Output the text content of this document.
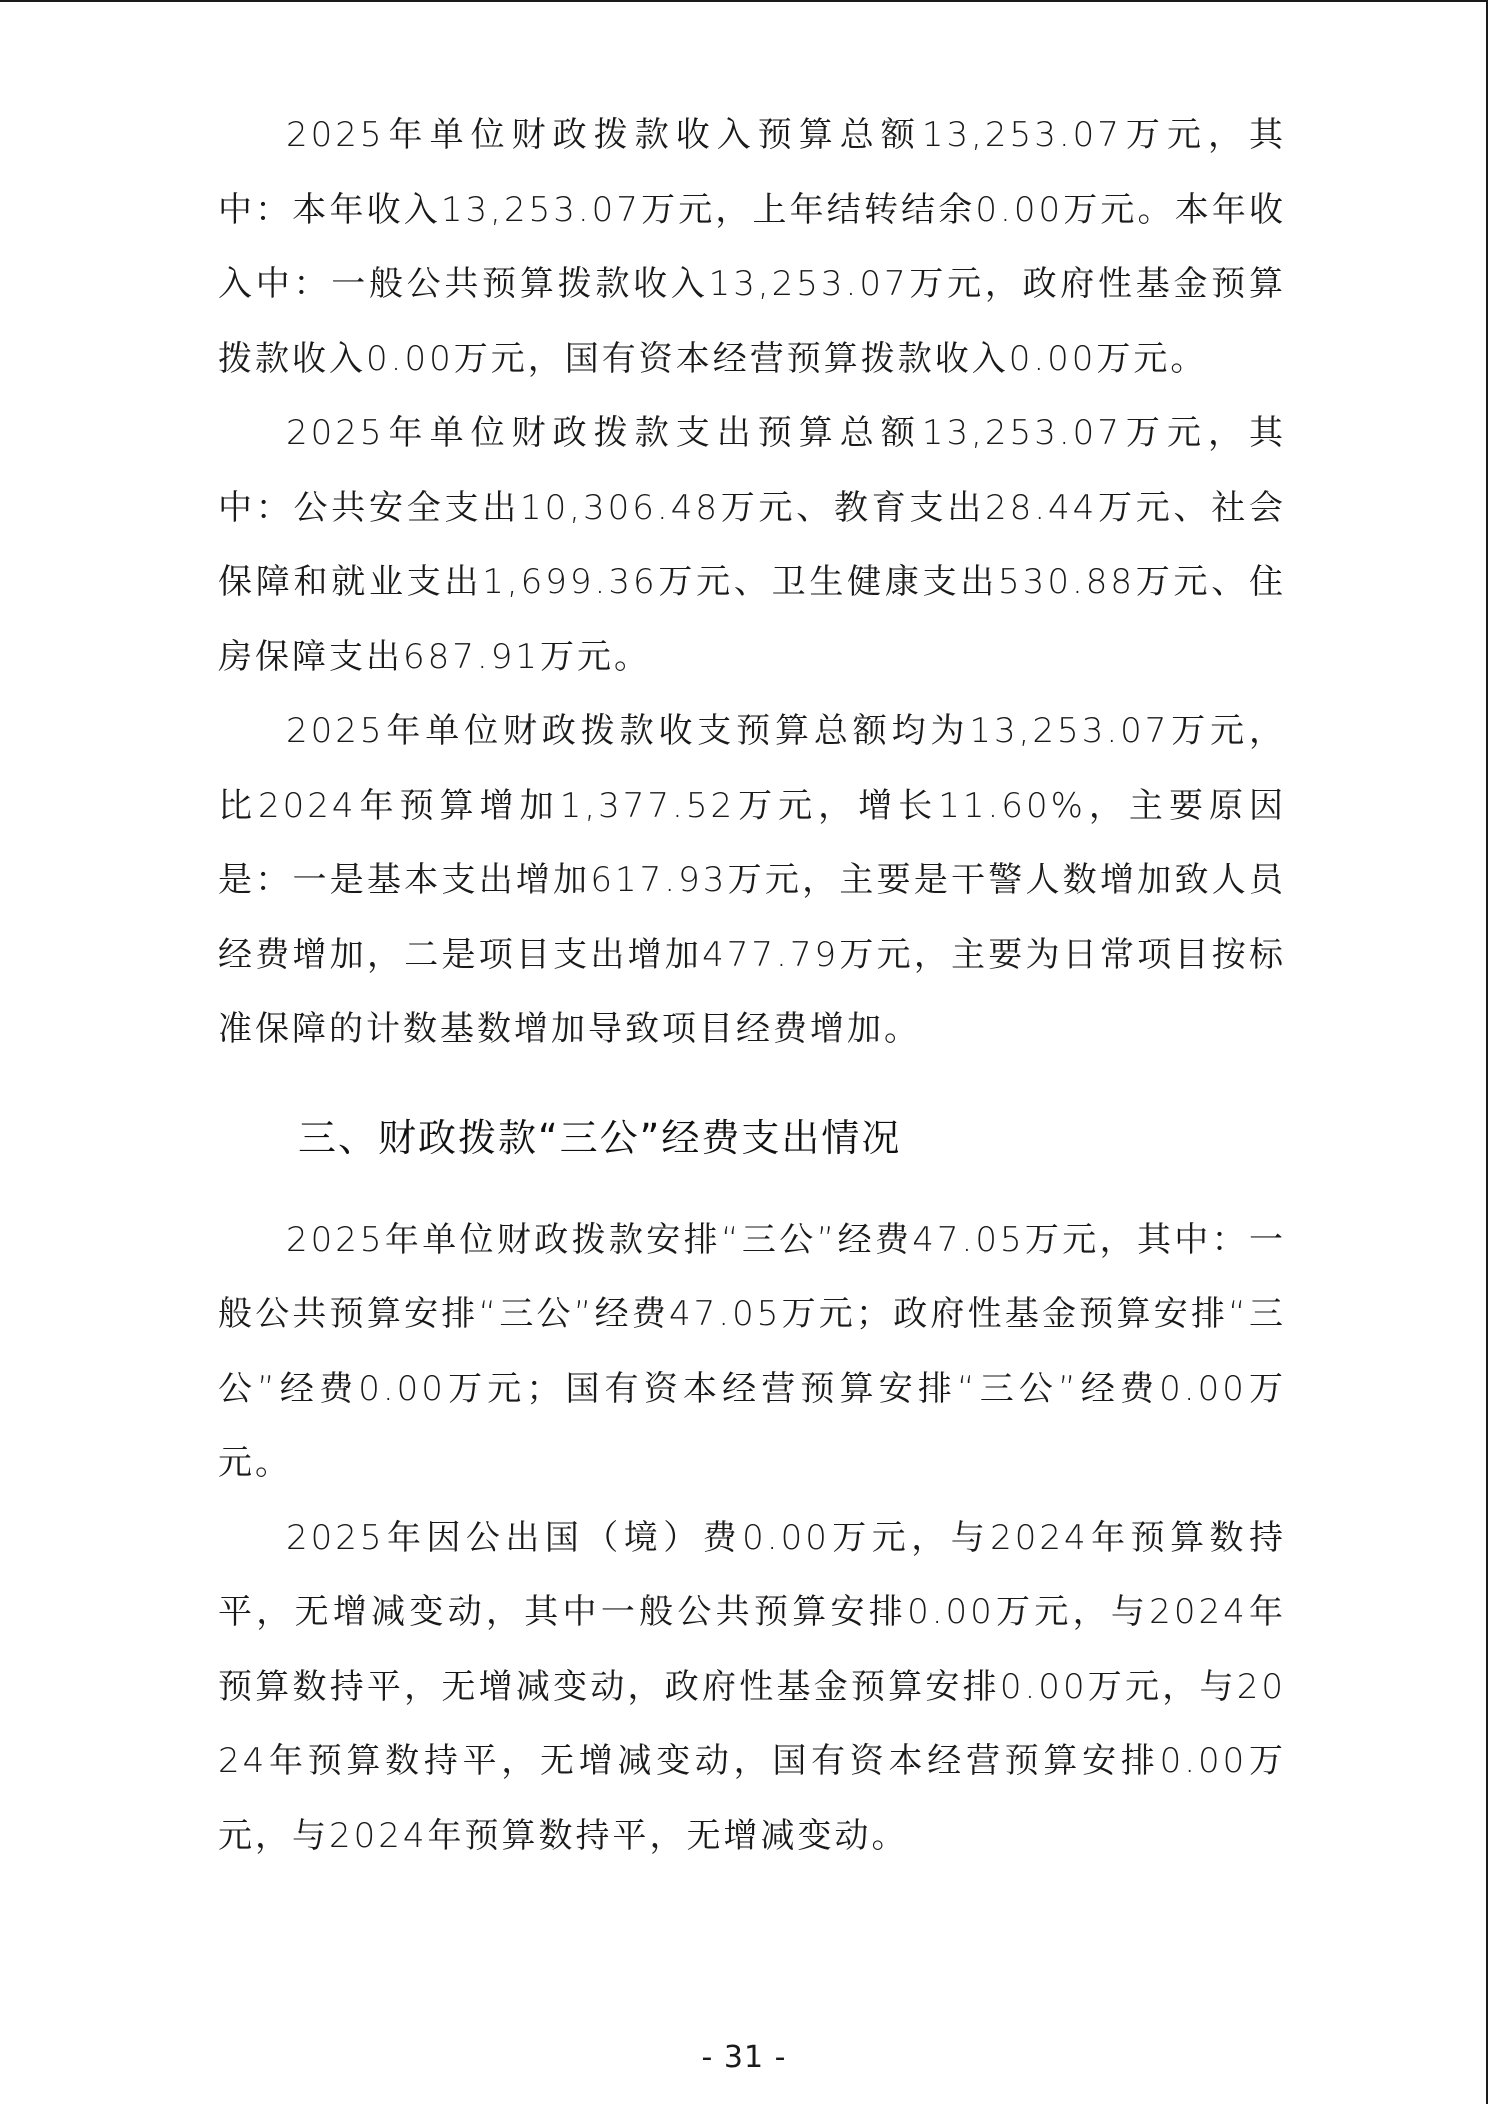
2025年单位财政拨款收入预算总额13,253.07万元，其中：本年收入13,253.07万元，上年结转结余0.00万元。本年收入中：一般公共预算拨款收入13,253.07万元，政府性基金预算拨款收入0.00万元，国有资本经营预算拨款收入0.00万元。

2025年单位财政拨款支出预算总额13,253.07万元，其中：公共安全支出10,306.48万元、教育支出28.44万元、社会保障和就业支出1,699.36万元、卫生健康支出530.88万元、住房保障支出687.91万元。

2025年单位财政拨款收支预算总额均为13,253.07万元，比2024年预算增加1,377.52万元，增长11.60%，主要原因是：一是基本支出增加617.93万元，主要是干警人数增加致人员经费增加，二是项目支出增加477.79万元，主要为日常项目按标准保障的计数基数增加导致项目经费增加。

三、财政拨款“三公”经费支出情况

2025年单位财政拨款安排“三公”经费47.05万元，其中：一般公共预算安排“三公”经费47.05万元；政府性基金预算安排“三公”经费0.00万元；国有资本经营预算安排“三公”经费0.00万元。

2025年因公出国（境）费0.00万元，与2024年预算数持平，无增减变动，其中一般公共预算安排0.00万元，与2024年预算数持平，无增减变动，政府性基金预算安排0.00万元，与2024年预算数持平，无增减变动，国有资本经营预算安排0.00万元，与2024年预算数持平，无增减变动。

- 31 -
